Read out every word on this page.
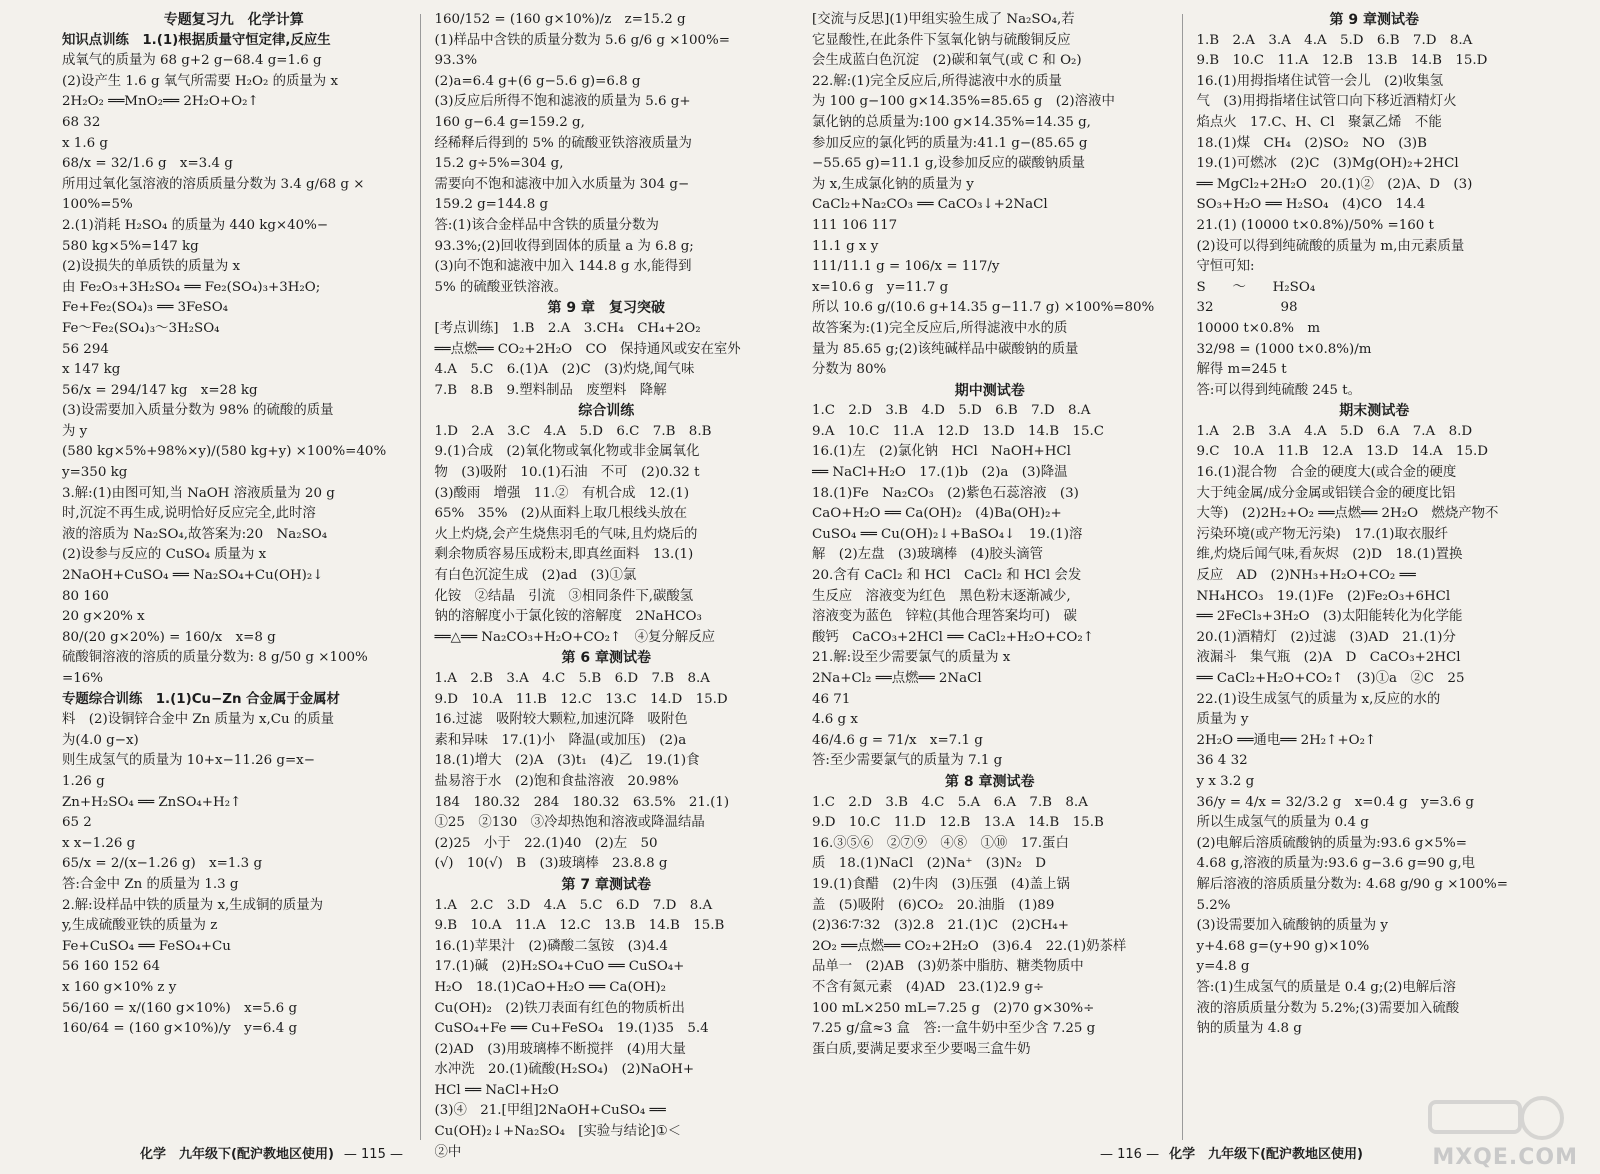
专题复习九　化学计算
知识点训练　1.(1)根据质量守恒定律,反应生
成氧气的质量为 68 g+2 g−68.4 g=1.6 g
(2)设产生 1.6 g 氧气所需要 H₂O₂ 的质量为 x
2H₂O₂ ══MnO₂══ 2H₂O+O₂↑
68 32
x 1.6 g
68/x = 32/1.6 g　x=3.4 g
所用过氧化氢溶液的溶质质量分数为 3.4 g/68 g ×
100%=5%
2.(1)消耗 H₂SO₄ 的质量为 440 kg×40%−
580 kg×5%=147 kg
(2)设损失的单质铁的质量为 x
由 Fe₂O₃+3H₂SO₄ ══ Fe₂(SO₄)₃+3H₂O;
Fe+Fe₂(SO₄)₃ ══ 3FeSO₄
Fe～Fe₂(SO₄)₃～3H₂SO₄
56 294
x 147 kg
56/x = 294/147 kg　x=28 kg
(3)设需要加入质量分数为 98% 的硫酸的质量
为 y
(580 kg×5%+98%×y)/(580 kg+y) ×100%=40%
y=350 kg
3.解:(1)由图可知,当 NaOH 溶液质量为 20 g
时,沉淀不再生成,说明恰好反应完全,此时溶
液的溶质为 Na₂SO₄,故答案为:20　Na₂SO₄
(2)设参与反应的 CuSO₄ 质量为 x
2NaOH+CuSO₄ ══ Na₂SO₄+Cu(OH)₂↓
80 160
20 g×20% x
80/(20 g×20%) = 160/x　x=8 g
硫酸铜溶液的溶质的质量分数为: 8 g/50 g ×100%
=16%
专题综合训练　1.(1)Cu−Zn 合金属于金属材
料　(2)设铜锌合金中 Zn 质量为 x,Cu 的质量
为(4.0 g−x)
则生成氢气的质量为 10+x−11.26 g=x−
1.26 g
Zn+H₂SO₄ ══ ZnSO₄+H₂↑
65 2
x x−1.26 g
65/x = 2/(x−1.26 g)　x=1.3 g
答:合金中 Zn 的质量为 1.3 g
2.解:设样品中铁的质量为 x,生成铜的质量为
y,生成硫酸亚铁的质量为 z
Fe+CuSO₄ ══ FeSO₄+Cu
56 160 152 64
x 160 g×10% z y
56/160 = x/(160 g×10%)　x=5.6 g
160/64 = (160 g×10%)/y　y=6.4 g
160/152 = (160 g×10%)/z　z=15.2 g
(1)样品中含铁的质量分数为 5.6 g/6 g ×100%=
93.3%
(2)a=6.4 g+(6 g−5.6 g)=6.8 g
(3)反应后所得不饱和滤液的质量为 5.6 g+
160 g−6.4 g=159.2 g,
经稀释后得到的 5% 的硫酸亚铁溶液质量为
15.2 g÷5%=304 g,
需要向不饱和滤液中加入水质量为 304 g−
159.2 g=144.8 g
答:(1)该合金样品中含铁的质量分数为
93.3%;(2)回收得到固体的质量 a 为 6.8 g;
(3)向不饱和滤液中加入 144.8 g 水,能得到
5% 的硫酸亚铁溶液。
第 9 章　复习突破
[考点训练]　1.B　2.A　3.CH₄　CH₄+2O₂
══点燃══ CO₂+2H₂O　CO　保持通风或安在室外
4.A　5.C　6.(1)A　(2)C　(3)灼烧,闻气味
7.B　8.B　9.塑料制品　废塑料　降解
综合训练
1.D　2.A　3.C　4.A　5.D　6.C　7.B　8.B
9.(1)合成　(2)氧化物或氧化物或非金属氧化
物　(3)吸附　10.(1)石油　不可　(2)0.32 t
(3)酸雨　增强　11.②　有机合成　12.(1)
65%　35%　(2)从面料上取几根线头放在
火上灼烧,会产生烧焦羽毛的气味,且灼烧后的
剩余物质容易压成粉末,即真丝面料　13.(1)
有白色沉淀生成　(2)ad　(3)①氯
化铵　②结晶　引流　③相同条件下,碳酸氢
钠的溶解度小于氯化铵的溶解度　2NaHCO₃
══△══ Na₂CO₃+H₂O+CO₂↑　④复分解反应
第 6 章测试卷
1.A　2.B　3.A　4.C　5.B　6.D　7.B　8.A
9.D　10.A　11.B　12.C　13.C　14.D　15.D
16.过滤　吸附较大颗粒,加速沉降　吸附色
素和异味　17.(1)小　降温(或加压)　(2)a
18.(1)增大　(2)A　(3)t₁　(4)乙　19.(1)食
盐易溶于水　(2)饱和食盐溶液　20.98%
184　180.32　284　180.32　63.5%　21.(1)
①25　②130　③冷却热饱和溶液或降温结晶
(2)25　小于　22.(1)40　(2)左　50
(√)　10(√)　B　(3)玻璃棒　23.8.8 g
第 7 章测试卷
1.A　2.C　3.D　4.A　5.C　6.D　7.D　8.A
9.B　10.A　11.A　12.C　13.B　14.B　15.B
16.(1)苹果汁　(2)磷酸二氢铵　(3)4.4
17.(1)碱　(2)H₂SO₄+CuO ══ CuSO₄+
H₂O　18.(1)CaO+H₂O ══ Ca(OH)₂
Cu(OH)₂　(2)铁刀表面有红色的物质析出
CuSO₄+Fe ══ Cu+FeSO₄　19.(1)35　5.4
(2)AD　(3)用玻璃棒不断搅拌　(4)用大量
水冲洗　20.(1)硫酸(H₂SO₄)　(2)NaOH+
HCl ══ NaCl+H₂O
(3)④　21.[甲组]2NaOH+CuSO₄ ══
Cu(OH)₂↓+Na₂SO₄　[实验与结论]①＜
②中
[交流与反思](1)甲组实验生成了 Na₂SO₄,若
它显酸性,在此条件下氢氧化钠与硫酸铜反应
会生成蓝白色沉淀　(2)碳和氧气(或 C 和 O₂)
22.解:(1)完全反应后,所得滤液中水的质量
为 100 g−100 g×14.35%=85.65 g　(2)溶液中
氯化钠的总质量为:100 g×14.35%=14.35 g,
参加反应的氯化钙的质量为:41.1 g−(85.65 g
−55.65 g)=11.1 g,设参加反应的碳酸钠质量
为 x,生成氯化钠的质量为 y
CaCl₂+Na₂CO₃ ══ CaCO₃↓+2NaCl
111 106 117
11.1 g x y
111/11.1 g = 106/x = 117/y
x=10.6 g　y=11.7 g
所以 10.6 g/(10.6 g+14.35 g−11.7 g) ×100%=80%
故答案为:(1)完全反应后,所得滤液中水的质
量为 85.65 g;(2)该纯碱样品中碳酸钠的质量
分数为 80%
期中测试卷
1.C　2.D　3.B　4.D　5.D　6.B　7.D　8.A
9.A　10.C　11.A　12.D　13.D　14.B　15.C
16.(1)左　(2)氯化钠　HCl　NaOH+HCl
══ NaCl+H₂O　17.(1)b　(2)a　(3)降温
18.(1)Fe　Na₂CO₃　(2)紫色石蕊溶液　(3)
CaO+H₂O ══ Ca(OH)₂　(4)Ba(OH)₂+
CuSO₄ ══ Cu(OH)₂↓+BaSO₄↓　19.(1)溶
解　(2)左盘　(3)玻璃棒　(4)胶头滴管
20.含有 CaCl₂ 和 HCl　CaCl₂ 和 HCl 会发
生反应　溶液变为红色　黑色粉末逐渐减少,
溶液变为蓝色　锌粒(其他合理答案均可)　碳
酸钙　CaCO₃+2HCl ══ CaCl₂+H₂O+CO₂↑
21.解:设至少需要氯气的质量为 x
2Na+Cl₂ ══点燃══ 2NaCl
46 71
4.6 g x
46/4.6 g = 71/x　x=7.1 g
答:至少需要氯气的质量为 7.1 g
第 8 章测试卷
1.C　2.D　3.B　4.C　5.A　6.A　7.B　8.A
9.D　10.C　11.D　12.B　13.A　14.B　15.B
16.③⑤⑥　②⑦⑨　④⑧　①⑩　17.蛋白
质　18.(1)NaCl　(2)Na⁺　(3)N₂　D
19.(1)食醋　(2)牛肉　(3)压强　(4)盖上锅
盖　(5)吸附　(6)CO₂　20.油脂　(1)89
(2)36∶7∶32　(3)2.8　21.(1)C　(2)CH₄+
2O₂ ══点燃══ CO₂+2H₂O　(3)6.4　22.(1)奶茶样
品单一　(2)AB　(3)奶茶中脂肪、糖类物质中
不含有氮元素　(4)AD　23.(1)2.9 g÷
100 mL×250 mL=7.25 g　(2)70 g×30%÷
7.25 g/盒≈3 盒　答:一盒牛奶中至少含 7.25 g
蛋白质,要满足要求至少要喝三盒牛奶
第 9 章测试卷
1.B　2.A　3.A　4.A　5.D　6.B　7.D　8.A
9.B　10.C　11.A　12.B　13.B　14.B　15.D
16.(1)用拇指堵住试管一会儿　(2)收集氢
气　(3)用拇指堵住试管口向下移近酒精灯火
焰点火　17.C、H、Cl　聚氯乙烯　不能
18.(1)煤　CH₄　(2)SO₂　NO　(3)B
19.(1)可燃冰　(2)C　(3)Mg(OH)₂+2HCl
══ MgCl₂+2H₂O　20.(1)②　(2)A、D　(3)
SO₃+H₂O ══ H₂SO₄　(4)CO　14.4
21.(1) (10000 t×0.8%)/50% =160 t
(2)设可以得到纯硫酸的质量为 m,由元素质量
守恒可知:
S　　～　　H₂SO₄
32　　　　　98
10000 t×0.8%　m
32/98 = (1000 t×0.8%)/m
解得 m=245 t
答:可以得到纯硫酸 245 t。
期末测试卷
1.A　2.B　3.A　4.A　5.D　6.A　7.A　8.D
9.C　10.A　11.B　12.A　13.D　14.A　15.D
16.(1)混合物　合金的硬度大(或合金的硬度
大于纯金属/成分金属或铝镁合金的硬度比铝
大等)　(2)2H₂+O₂ ══点燃══ 2H₂O　燃烧产物不
污染环境(或产物无污染)　17.(1)取衣服纤
维,灼烧后闻气味,看灰烬　(2)D　18.(1)置换
反应　AD　(2)NH₃+H₂O+CO₂ ══
NH₄HCO₃　19.(1)Fe　(2)Fe₂O₃+6HCl
══ 2FeCl₃+3H₂O　(3)太阳能转化为化学能
20.(1)酒精灯　(2)过滤　(3)AD　21.(1)分
液漏斗　集气瓶　(2)A　D　CaCO₃+2HCl
══ CaCl₂+H₂O+CO₂↑　(3)①a　②C　25
22.(1)设生成氢气的质量为 x,反应的水的
质量为 y
2H₂O ══通电══ 2H₂↑+O₂↑
36 4 32
y x 3.2 g
36/y = 4/x = 32/3.2 g　x=0.4 g　y=3.6 g
所以生成氢气的质量为 0.4 g
(2)电解后溶质硫酸钠的质量为:93.6 g×5%=
4.68 g,溶液的质量为:93.6 g−3.6 g=90 g,电
解后溶液的溶质质量分数为: 4.68 g/90 g ×100%=
5.2%
(3)设需要加入硫酸钠的质量为 y
y+4.68 g=(y+90 g)×10%
y=4.8 g
答:(1)生成氢气的质量是 0.4 g;(2)电解后溶
液的溶质质量分数为 5.2%;(3)需要加入硫酸
钠的质量为 4.8 g
化学　九年级下(配沪教地区使用) — 115 —	— 116 — 化学　九年级下(配沪教地区使用)	MXQE.COM
